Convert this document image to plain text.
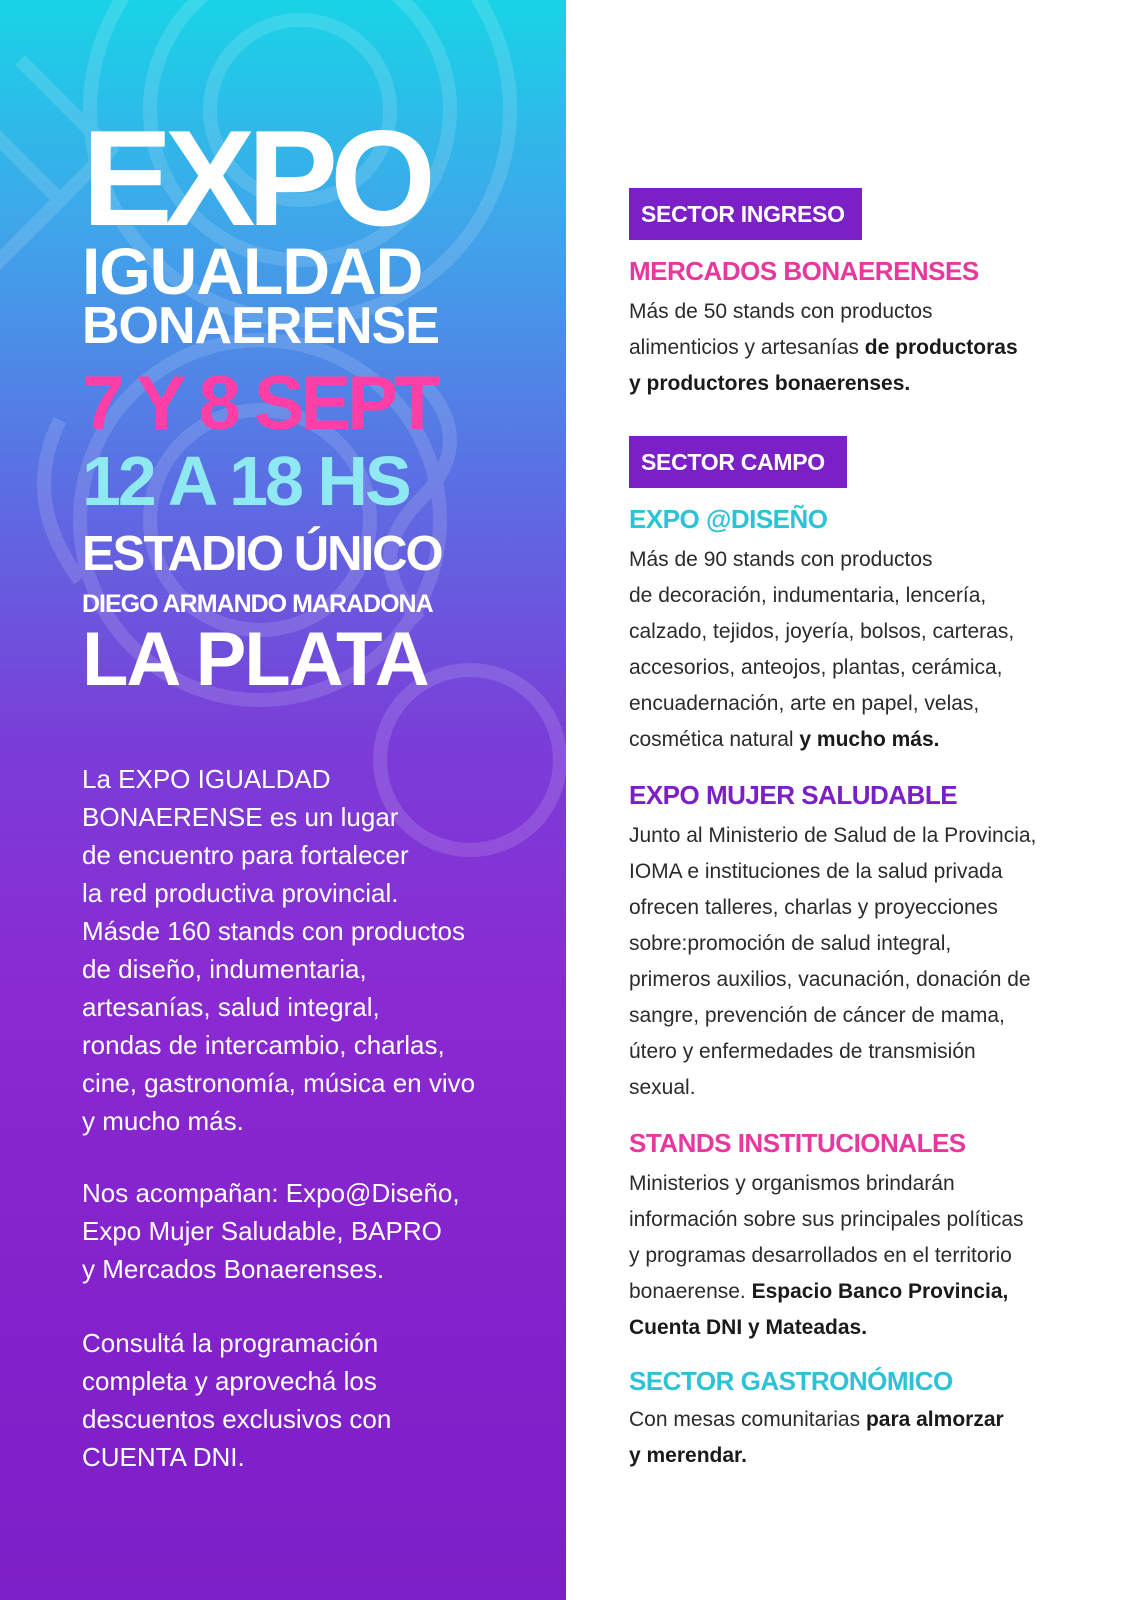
EXPO
IGUALDAD
BONAERENSE
7 Y 8 SEPT
12 A 18 HS
ESTADIO ÚNICO
DIEGO ARMANDO MARADONA
LA PLATA
La EXPO IGUALDAD
BONAERENSE es un lugar
de encuentro para fortalecer
la red productiva provincial.
Másde 160 stands con productos
de diseño, indumentaria,
artesanías, salud integral,
rondas de intercambio, charlas,
cine, gastronomía, música en vivo
y mucho más.
Nos acompañan: Expo@Diseño,
Expo Mujer Saludable, BAPRO
y Mercados Bonaerenses.
Consultá la programación
completa y aprovechá los
descuentos exclusivos con
CUENTA DNI.
SECTOR INGRESO
MERCADOS BONAERENSES
Más de 50 stands con productos
alimenticios y artesanías de productoras
y productores bonaerenses.
SECTOR CAMPO
EXPO @DISEÑO
Más de 90 stands con productos
de decoración, indumentaria, lencería,
calzado, tejidos, joyería, bolsos, carteras,
accesorios, anteojos, plantas, cerámica,
encuadernación, arte en papel, velas,
cosmética natural y mucho más.
EXPO MUJER SALUDABLE
Junto al Ministerio de Salud de la Provincia,
IOMA e instituciones de la salud privada
ofrecen talleres, charlas y proyecciones
sobre:promoción de salud integral,
primeros auxilios, vacunación, donación de
sangre, prevención de cáncer de mama,
útero y enfermedades de transmisión
sexual.
STANDS INSTITUCIONALES
Ministerios y organismos brindarán
información sobre sus principales políticas
y programas desarrollados en el territorio
bonaerense. Espacio Banco Provincia,
Cuenta DNI y Mateadas.
SECTOR GASTRONÓMICO
Con mesas comunitarias para almorzar
y merendar.
